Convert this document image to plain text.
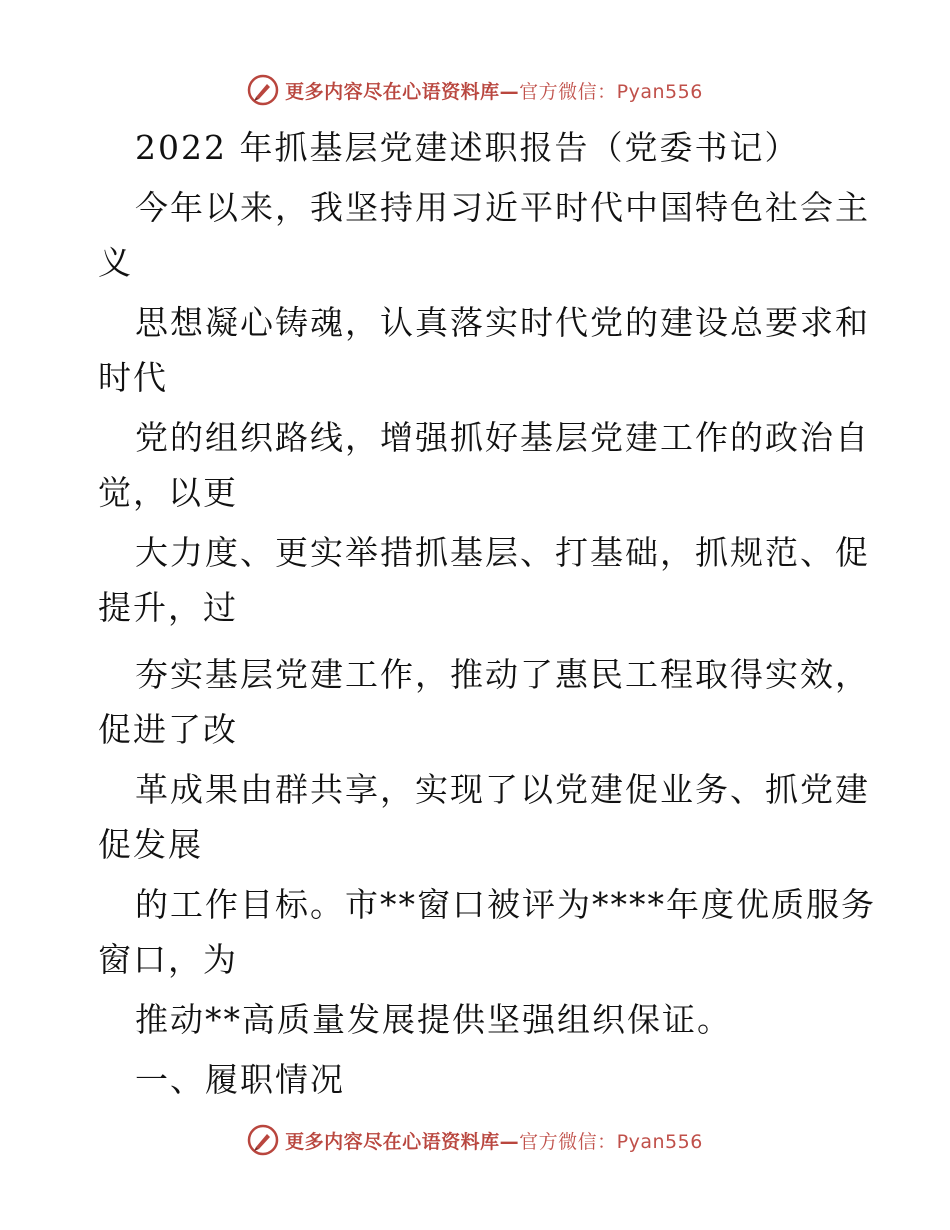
更多内容尽在心语资料库—官方微信：Pyan556
2022 年抓基层党建述职报告（党委书记）
今年以来，我坚持用习近平时代中国特色社会主
义
思想凝心铸魂，认真落实时代党的建设总要求和
时代
党的组织路线，增强抓好基层党建工作的政治自
觉，以更
大力度、更实举措抓基层、打基础，抓规范、促
提升，过
夯实基层党建工作，推动了惠民工程取得实效，
促进了改
革成果由群共享，实现了以党建促业务、抓党建
促发展
的工作目标。市**窗口被评为****年度优质服务
窗口，为
推动**高质量发展提供坚强组织保证。
一、履职情况
更多内容尽在心语资料库—官方微信：Pyan556
